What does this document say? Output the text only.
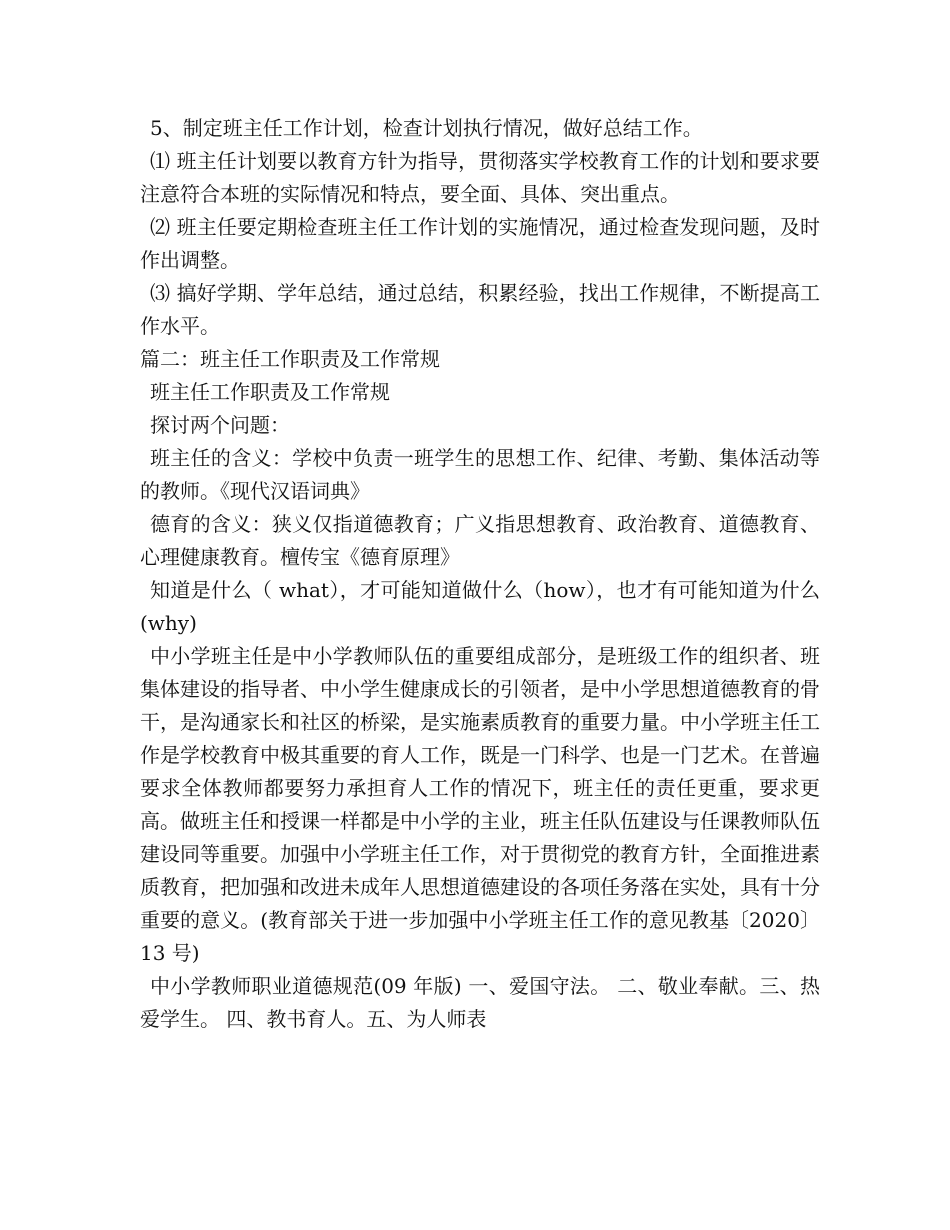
5、制定班主任工作计划，检查计划执行情况，做好总结工作。

⑴ 班主任计划要以教育方针为指导，贯彻落实学校教育工作的计划和要求要注意符合本班的实际情况和特点，要全面、具体、突出重点。

⑵ 班主任要定期检查班主任工作计划的实施情况，通过检查发现问题，及时作出调整。

⑶ 搞好学期、学年总结，通过总结，积累经验，找出工作规律，不断提高工作水平。

篇二：班主任工作职责及工作常规

班主任工作职责及工作常规

探讨两个问题：

班主任的含义：学校中负责一班学生的思想工作、纪律、考勤、集体活动等的教师。《现代汉语词典》

德育的含义：狭义仅指道德教育；广义指思想教育、政治教育、道德教育、心理健康教育。檀传宝《德育原理》

知道是什么（ what），才可能知道做什么（how），也才有可能知道为什么(why)

中小学班主任是中小学教师队伍的重要组成部分，是班级工作的组织者、班集体建设的指导者、中小学生健康成长的引领者，是中小学思想道德教育的骨干，是沟通家长和社区的桥梁，是实施素质教育的重要力量。中小学班主任工作是学校教育中极其重要的育人工作，既是一门科学、也是一门艺术。在普遍要求全体教师都要努力承担育人工作的情况下，班主任的责任更重，要求更高。做班主任和授课一样都是中小学的主业，班主任队伍建设与任课教师队伍建设同等重要。加强中小学班主任工作，对于贯彻党的教育方针，全面推进素质教育，把加强和改进未成年人思想道德建设的各项任务落在实处，具有十分重要的意义。(教育部关于进一步加强中小学班主任工作的意见教基〔2020〕13 号)

中小学教师职业道德规范(09 年版) 一、爱国守法。 二、敬业奉献。三、热爱学生。 四、教书育人。五、为人师表
